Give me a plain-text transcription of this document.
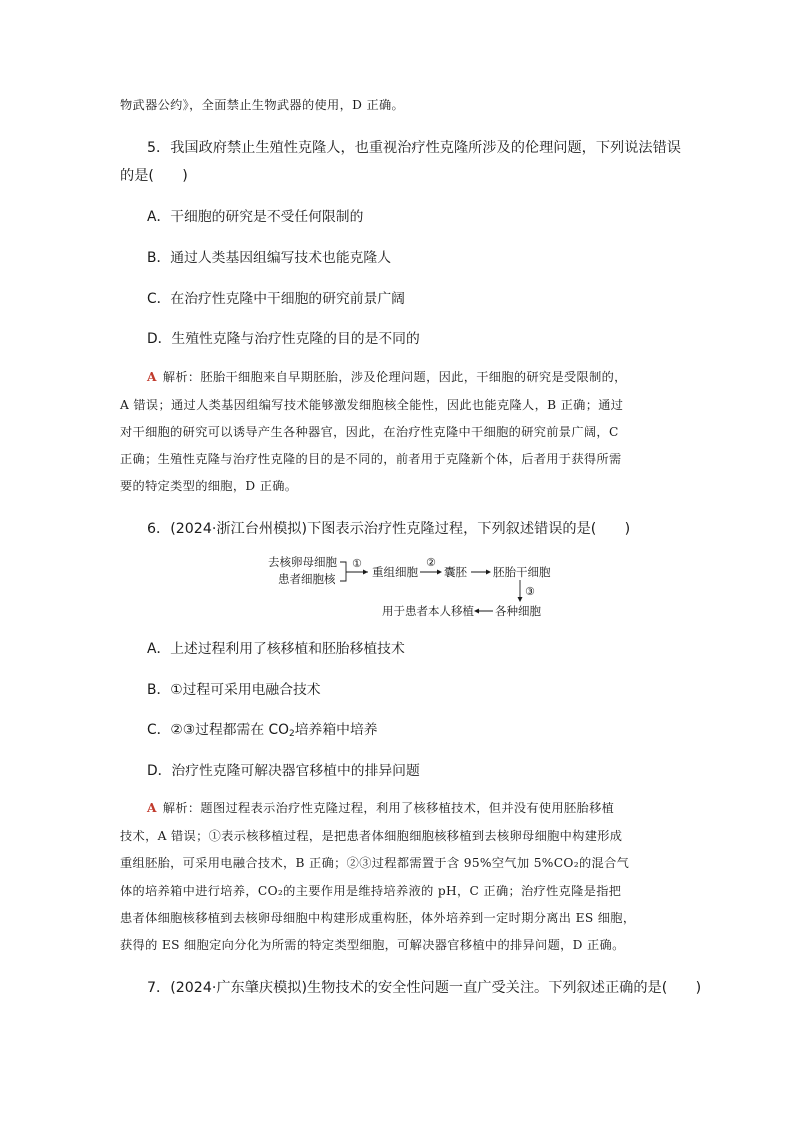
物武器公约》，全面禁止生物武器的使用，D 正确。
5．我国政府禁止生殖性克隆人，也重视治疗性克隆所涉及的伦理问题，下列说法错误
的是(　　)
A．干细胞的研究是不受任何限制的
B．通过人类基因组编写技术也能克隆人
C．在治疗性克隆中干细胞的研究前景广阔
D．生殖性克隆与治疗性克隆的目的是不同的
A 解析：胚胎干细胞来自早期胚胎，涉及伦理问题，因此，干细胞的研究是受限制的，
A 错误；通过人类基因组编写技术能够激发细胞核全能性，因此也能克隆人，B 正确；通过
对干细胞的研究可以诱导产生各种器官，因此，在治疗性克隆中干细胞的研究前景广阔，C
正确；生殖性克隆与治疗性克隆的目的是不同的，前者用于克隆新个体，后者用于获得所需
要的特定类型的细胞，D 正确。
6．(2024·浙江台州模拟)下图表示治疗性克隆过程，下列叙述错误的是(　　)
去核卵母细胞
患者细胞核
①
重组细胞
②
囊胚 胚胎干细胞
③
各种细胞
用于患者本人移植
A．上述过程利用了核移植和胚胎移植技术
B．①过程可采用电融合技术
C．②③过程都需在 $CO_2$培养箱中培养
D．治疗性克隆可解决器官移植中的排异问题
A 解析：题图过程表示治疗性克隆过程，利用了核移植技术，但并没有使用胚胎移植
技术，A 错误；①表示核移植过程，是把患者体细胞细胞核移植到去核卵母细胞中构建形成
重组胚胎，可采用电融合技术，B 正确；②③过程都需置于含 95%空气加 5%CO₂的混合气
体的培养箱中进行培养，CO₂的主要作用是维持培养液的 pH，C 正确；治疗性克隆是指把
患者体细胞核移植到去核卵母细胞中构建形成重构胚，体外培养到一定时期分离出 ES 细胞，
获得的 ES 细胞定向分化为所需的特定类型细胞，可解决器官移植中的排异问题，D 正确。
7．(2024·广东肇庆模拟)生物技术的安全性问题一直广受关注。下列叙述正确的是(　　)
